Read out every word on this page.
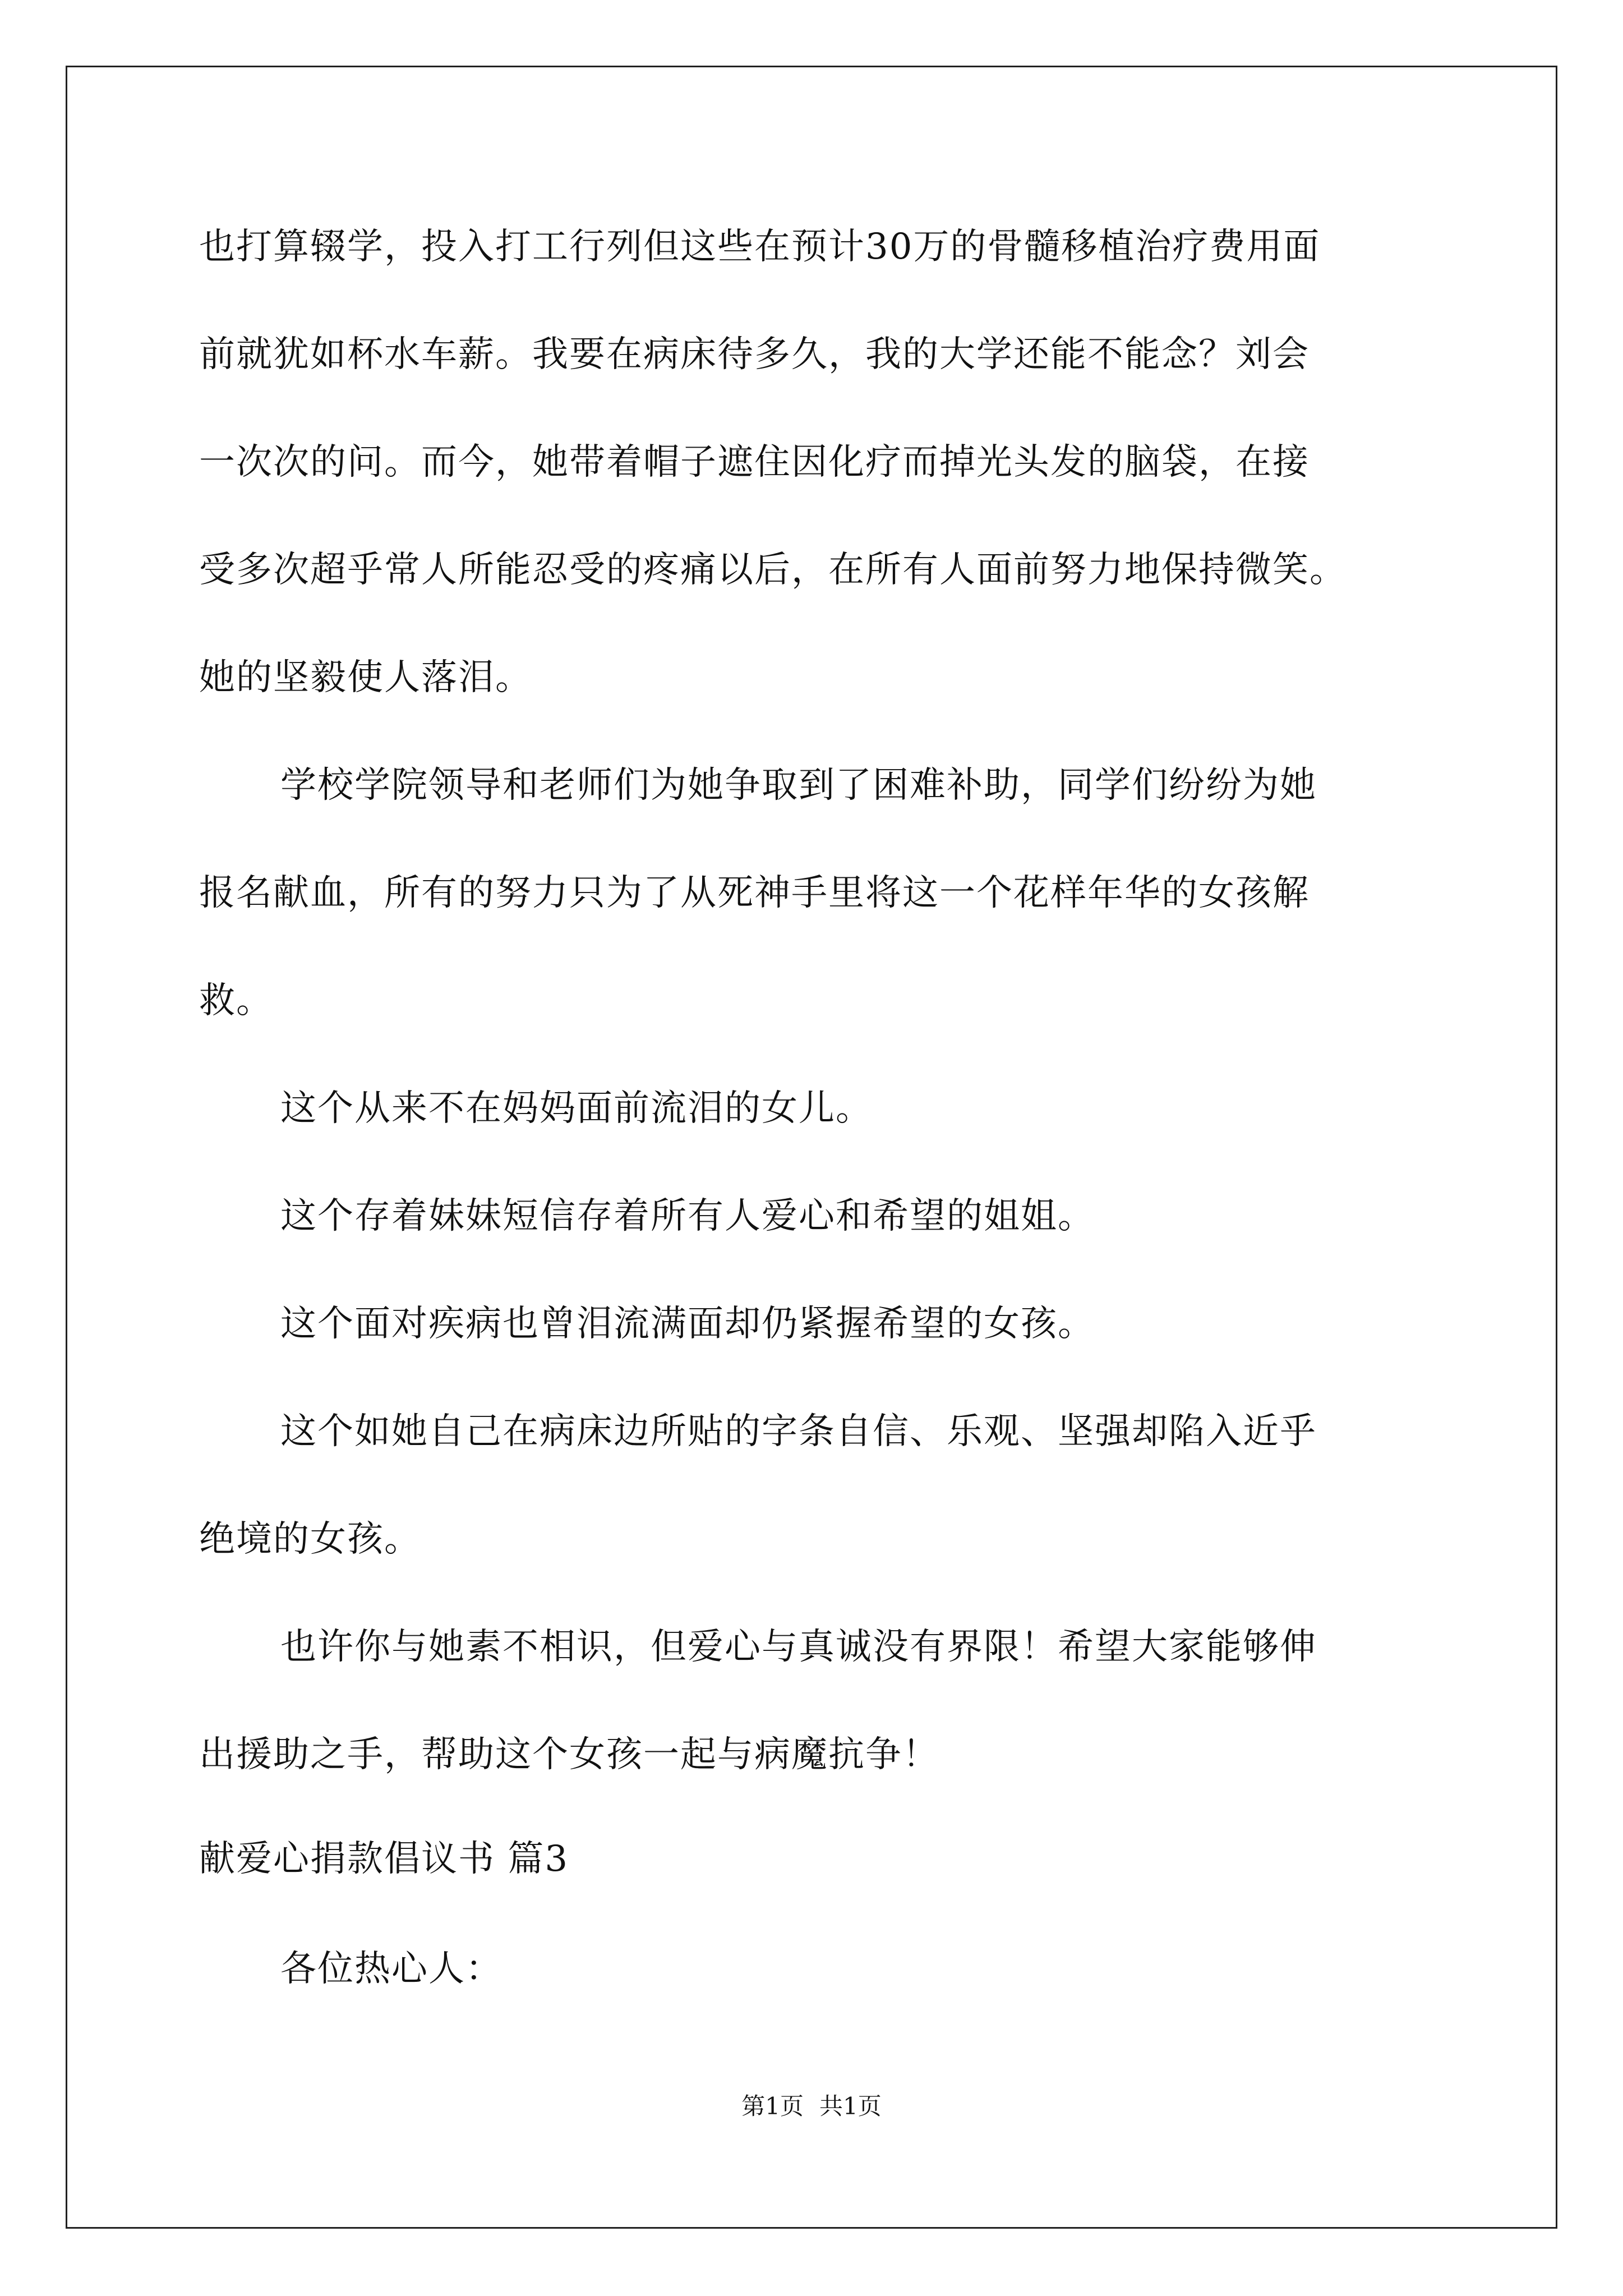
也打算辍学，投入打工行列但这些在预计30万的骨髓移植治疗费用面
前就犹如杯水车薪。我要在病床待多久，我的大学还能不能念？刘会
一次次的问。而今，她带着帽子遮住因化疗而掉光头发的脑袋，在接
受多次超乎常人所能忍受的疼痛以后，在所有人面前努力地保持微笑。
她的坚毅使人落泪。
学校学院领导和老师们为她争取到了困难补助，同学们纷纷为她
报名献血，所有的努力只为了从死神手里将这一个花样年华的女孩解
救。
这个从来不在妈妈面前流泪的女儿。
这个存着妹妹短信存着所有人爱心和希望的姐姐。
这个面对疾病也曾泪流满面却仍紧握希望的女孩。
这个如她自己在病床边所贴的字条自信、乐观、坚强却陷入近乎
绝境的女孩。
也许你与她素不相识，但爱心与真诚没有界限！希望大家能够伸
出援助之手，帮助这个女孩一起与病魔抗争！
献爱心捐款倡议书 篇3
各位热心人：
第1页 共1页
